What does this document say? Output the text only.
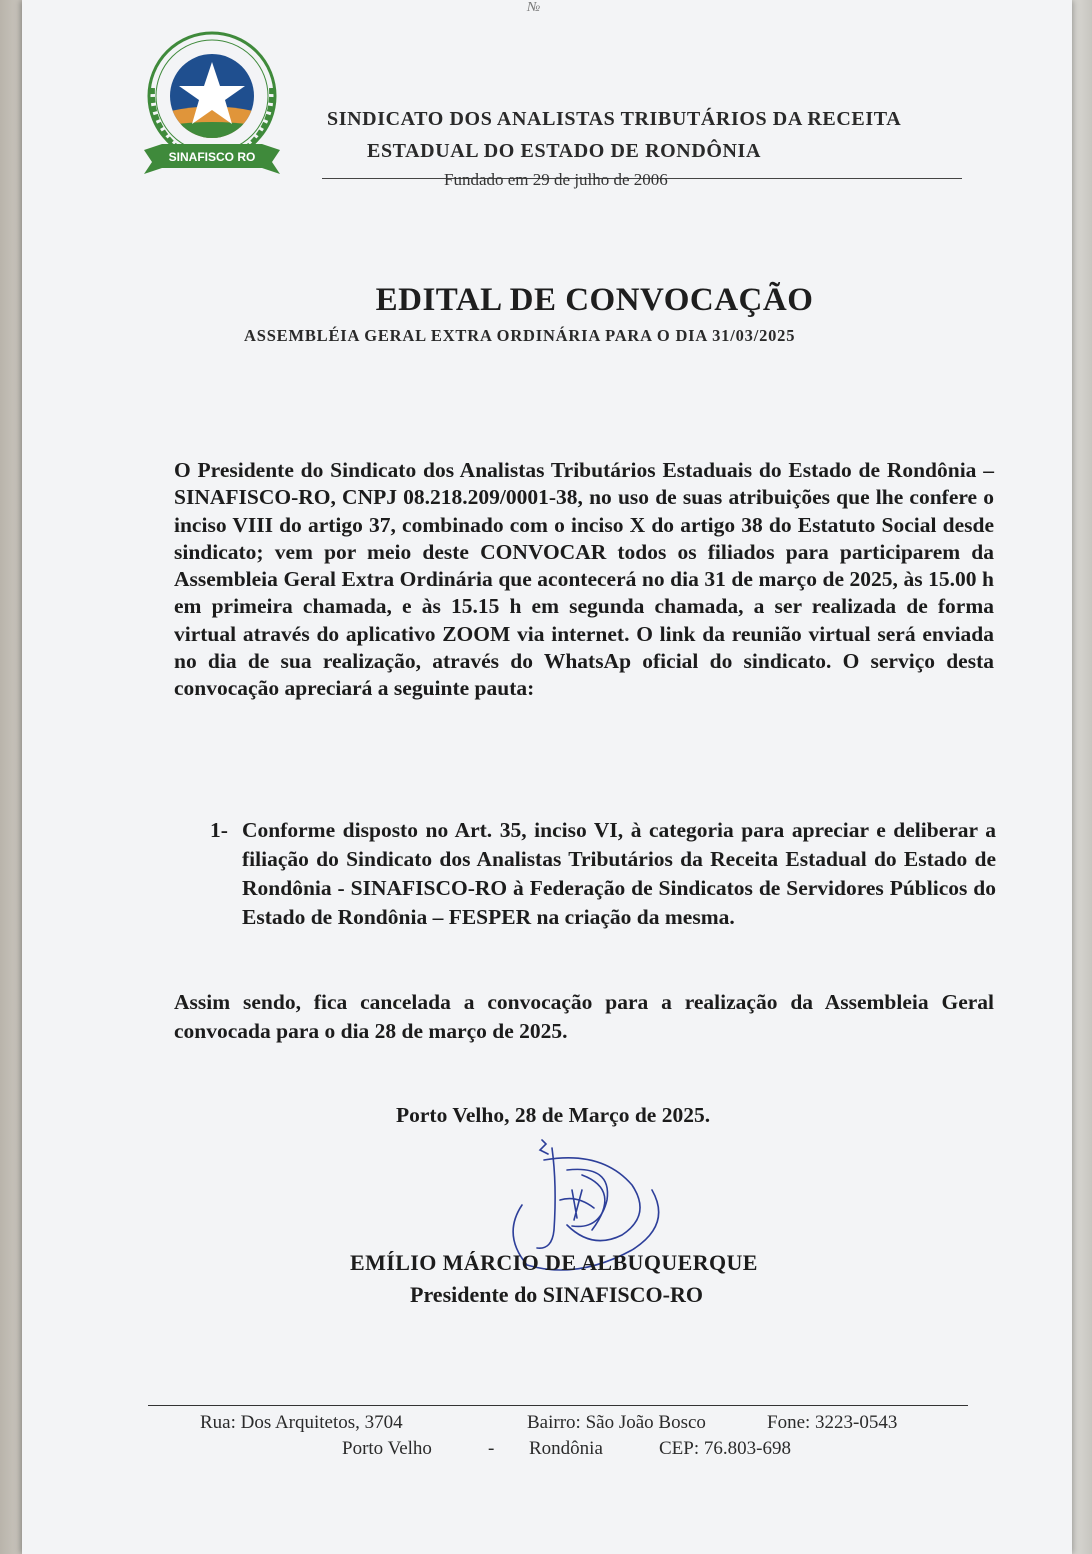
№
SINAFISCO RO
SINDICATO DOS ANALISTAS TRIBUTÁRIOS DA RECEITA
ESTADUAL DO ESTADO DE RONDÔNIA
Fundado em 29 de julho de 2006
EDITAL DE CONVOCAÇÃO
ASSEMBLÉIA GERAL EXTRA ORDINÁRIA PARA O DIA 31/03/2025
O Presidente do Sindicato dos Analistas Tributários Estaduais do Estado de Rondônia – SINAFISCO-RO, CNPJ 08.218.209/0001-38, no uso de suas atribuições que lhe confere o inciso VIII do artigo 37, combinado com o inciso X do artigo 38 do Estatuto Social desde sindicato; vem por meio deste CONVOCAR todos os filiados para participarem da Assembleia Geral Extra Ordinária que acontecerá no dia 31 de março de 2025, às 15.00 h em primeira chamada, e às 15.15 h em segunda chamada, a ser realizada de forma virtual através do aplicativo ZOOM via internet. O link da reunião virtual será enviada no dia de sua realização, através do WhatsAp oficial do sindicato. O serviço desta convocação apreciará a seguinte pauta:
1- Conforme disposto no Art. 35, inciso VI, à categoria para apreciar e deliberar a filiação do Sindicato dos Analistas Tributários da Receita Estadual do Estado de Rondônia - SINAFISCO-RO à Federação de Sindicatos de Servidores Públicos do Estado de Rondônia – FESPER na criação da mesma.
Assim sendo, fica cancelada a convocação para a realização da Assembleia Geral convocada para o dia 28 de março de 2025.
Porto Velho, 28 de Março de 2025.
EMÍLIO MÁRCIO DE ALBUQUERQUE
Presidente do SINAFISCO-RO
Rua: Dos Arquitetos, 3704	Bairro: São João Bosco	Fone: 3223-0543
Porto Velho	- Rondônia	CEP: 76.803-698
